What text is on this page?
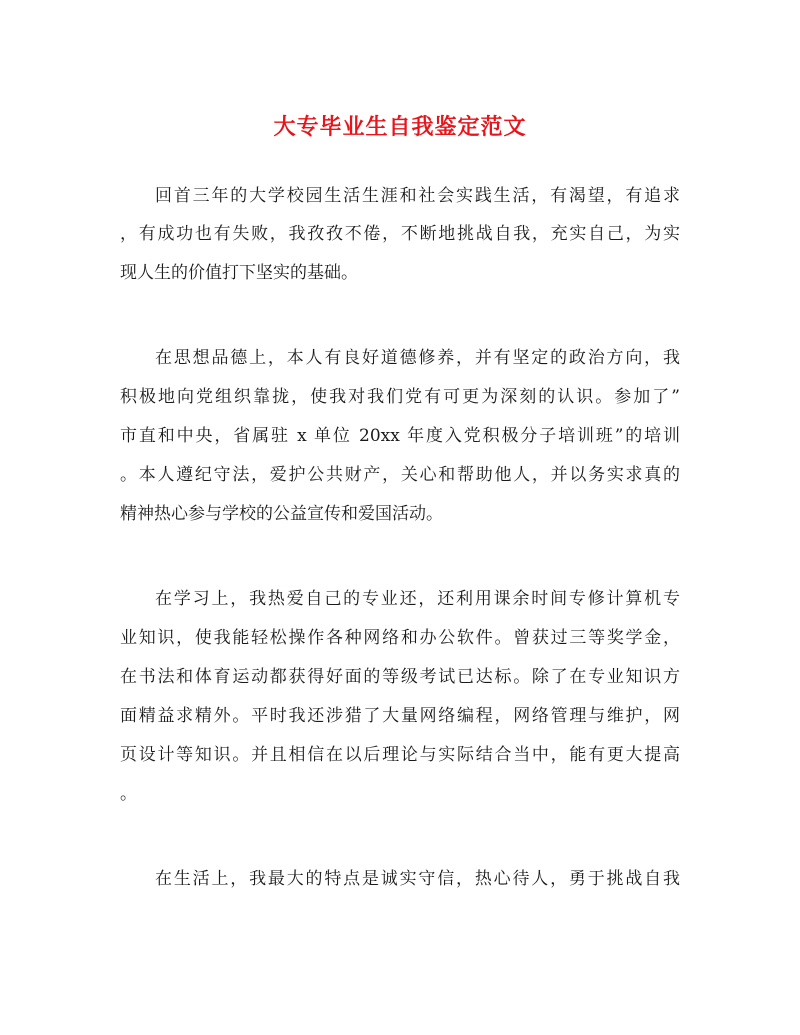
大专毕业生自我鉴定范文
回首三年的大学校园生活生涯和社会实践生活，有渴望，有追求
，有成功也有失败，我孜孜不倦，不断地挑战自我，充实自己，为实
现人生的价值打下坚实的基础。
在思想品德上，本人有良好道德修养，并有坚定的政治方向，我
积极地向党组织靠拢，使我对我们党有可更为深刻的认识。参加了”
市直和中央，省属驻 x 单位 20xx 年度入党积极分子培训班”的培训
。本人遵纪守法，爱护公共财产，关心和帮助他人，并以务实求真的
精神热心参与学校的公益宣传和爱国活动。
在学习上，我热爱自己的专业还，还利用课余时间专修计算机专
业知识，使我能轻松操作各种网络和办公软件。曾获过三等奖学金，
在书法和体育运动都获得好面的等级考试已达标。除了在专业知识方
面精益求精外。平时我还涉猎了大量网络编程，网络管理与维护，网
页设计等知识。并且相信在以后理论与实际结合当中，能有更大提高
。
在生活上，我最大的特点是诚实守信，热心待人，勇于挑战自我
